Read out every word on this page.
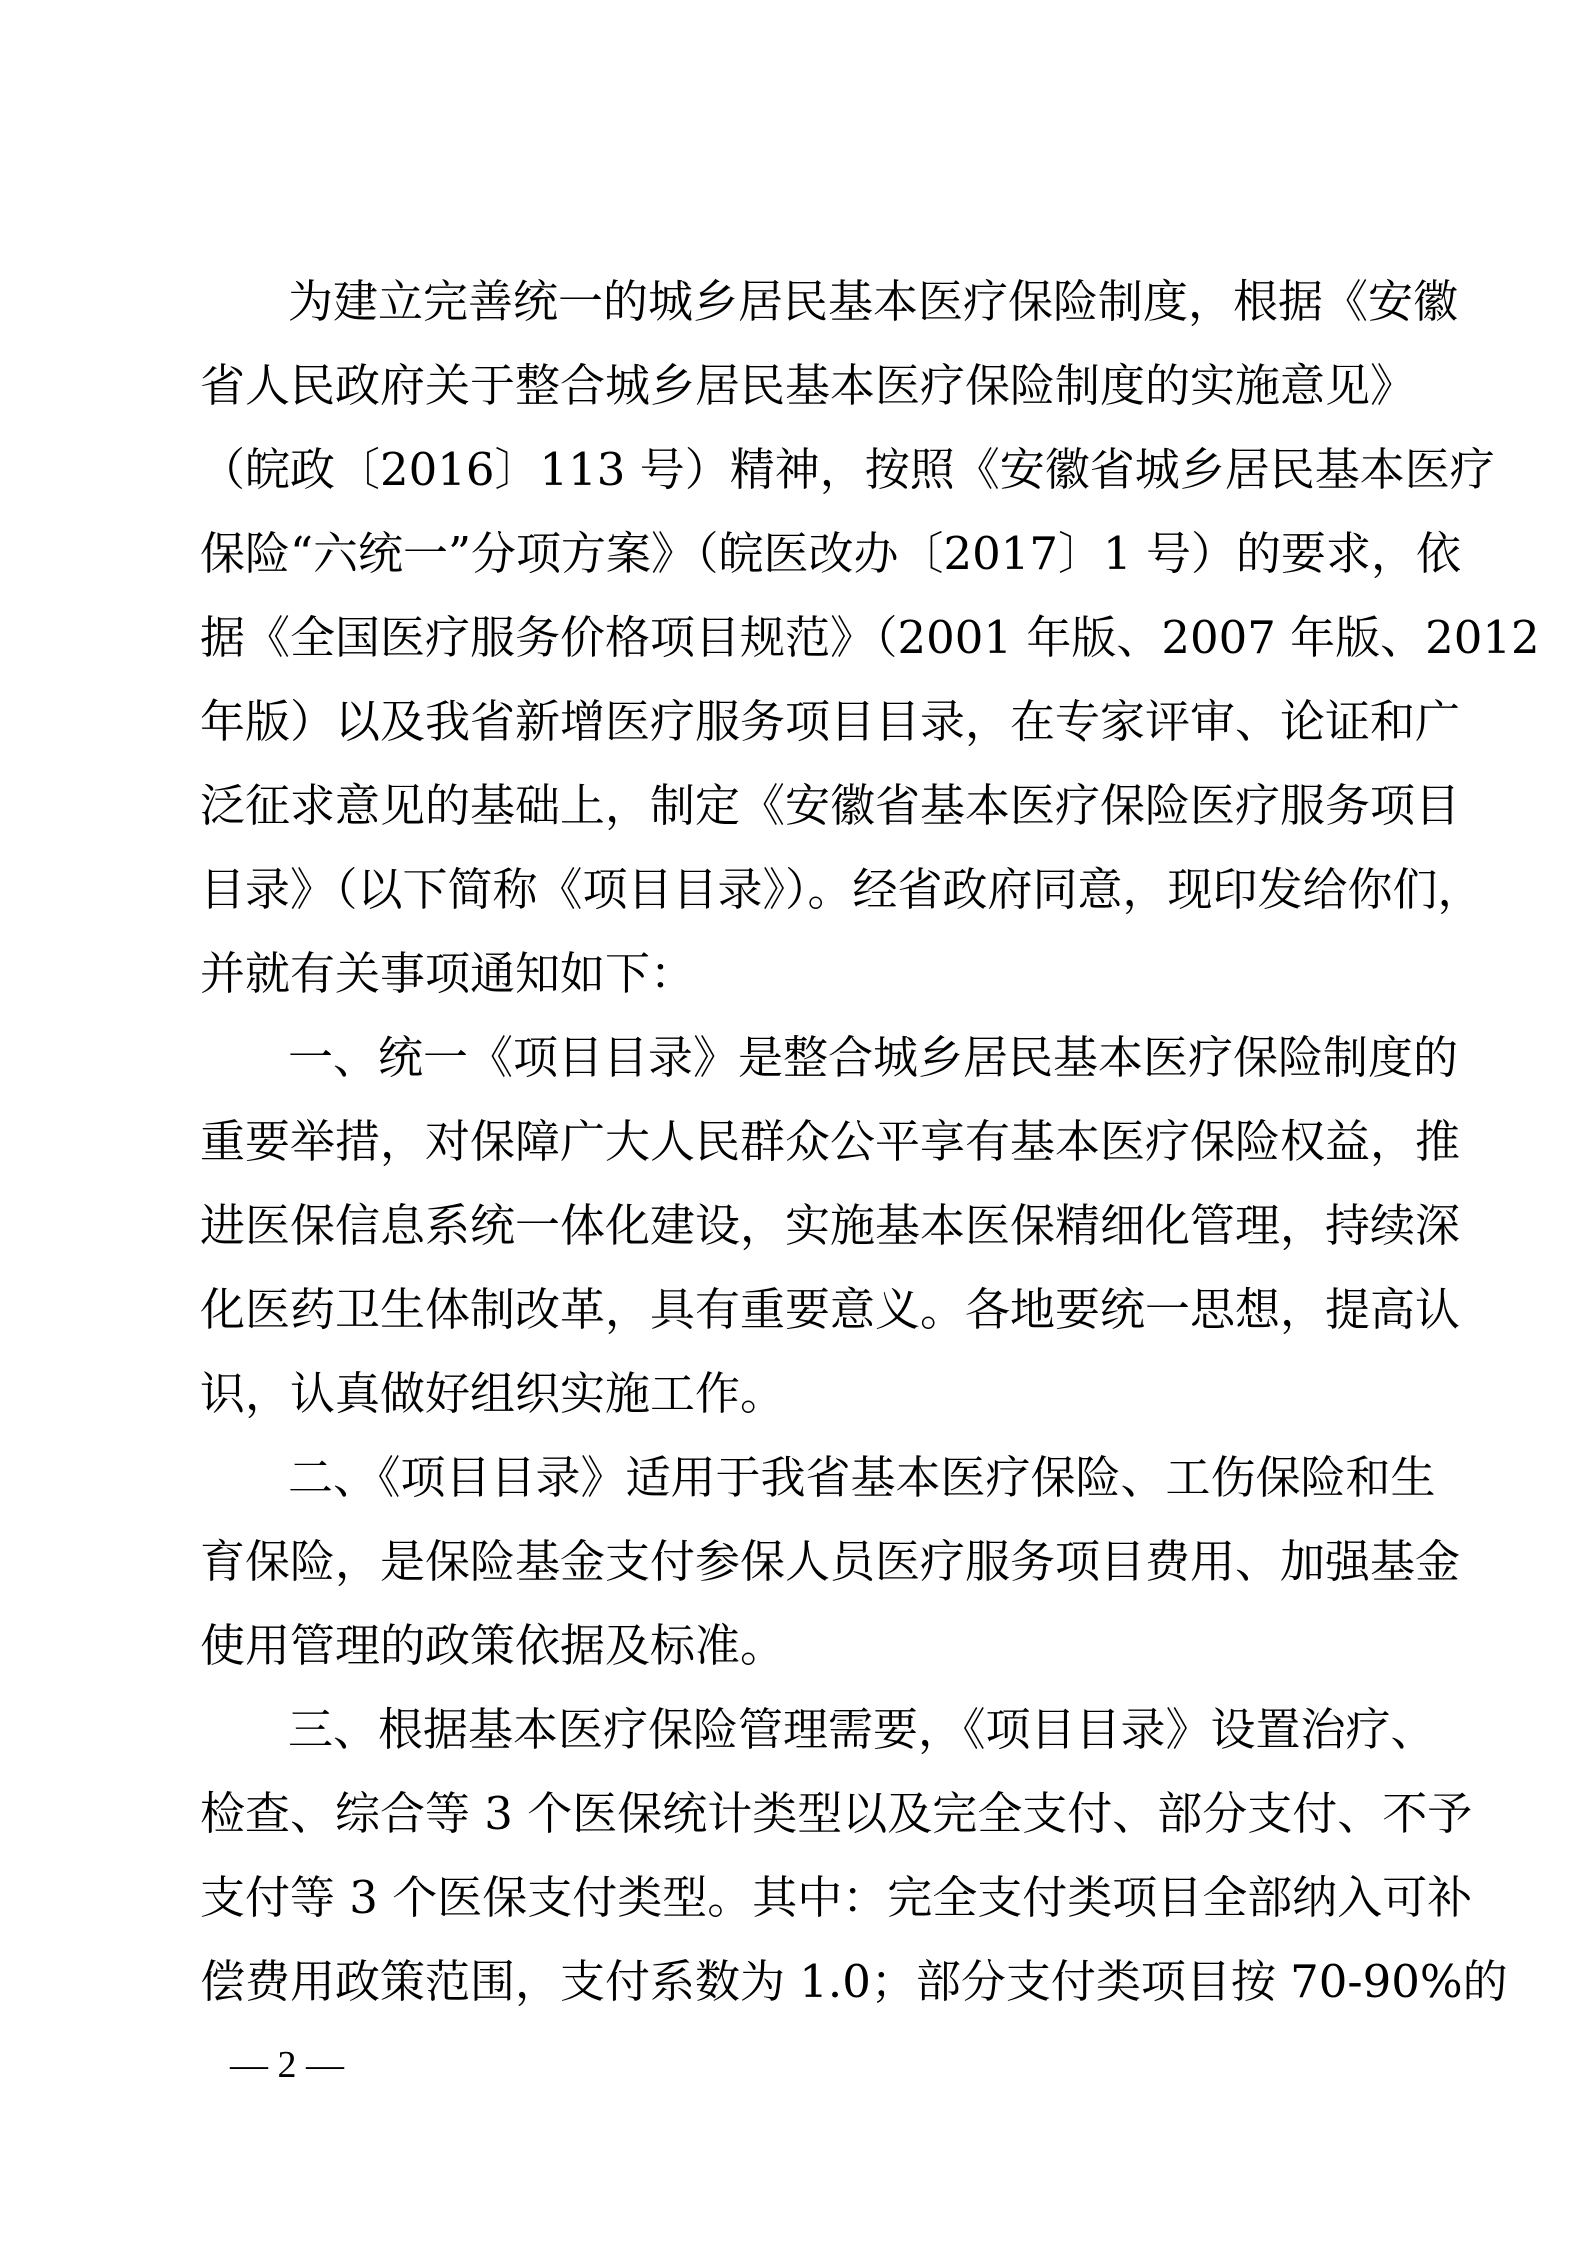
为建立完善统一的城乡居民基本医疗保险制度，根据《安徽
省人民政府关于整合城乡居民基本医疗保险制度的实施意见》
（皖政〔2016〕113 号）精神，按照《安徽省城乡居民基本医疗
保险“六统一”分项方案》（皖医改办〔2017〕1 号）的要求，依
据《全国医疗服务价格项目规范》（2001 年版、2007 年版、2012
年版）以及我省新增医疗服务项目目录，在专家评审、论证和广
泛征求意见的基础上，制定《安徽省基本医疗保险医疗服务项目
目录》（以下简称《项目目录》）。经省政府同意，现印发给你们，
并就有关事项通知如下：
一、统一《项目目录》是整合城乡居民基本医疗保险制度的
重要举措，对保障广大人民群众公平享有基本医疗保险权益，推
进医保信息系统一体化建设，实施基本医保精细化管理，持续深
化医药卫生体制改革，具有重要意义。各地要统一思想，提高认
识，认真做好组织实施工作。
二、《项目目录》适用于我省基本医疗保险、工伤保险和生
育保险，是保险基金支付参保人员医疗服务项目费用、加强基金
使用管理的政策依据及标准。
三、根据基本医疗保险管理需要，《项目目录》设置治疗、
检查、综合等 3 个医保统计类型以及完全支付、部分支付、不予
支付等 3 个医保支付类型。其中：完全支付类项目全部纳入可补
偿费用政策范围，支付系数为 1.0；部分支付类项目按 70-90%的
— 2 —
